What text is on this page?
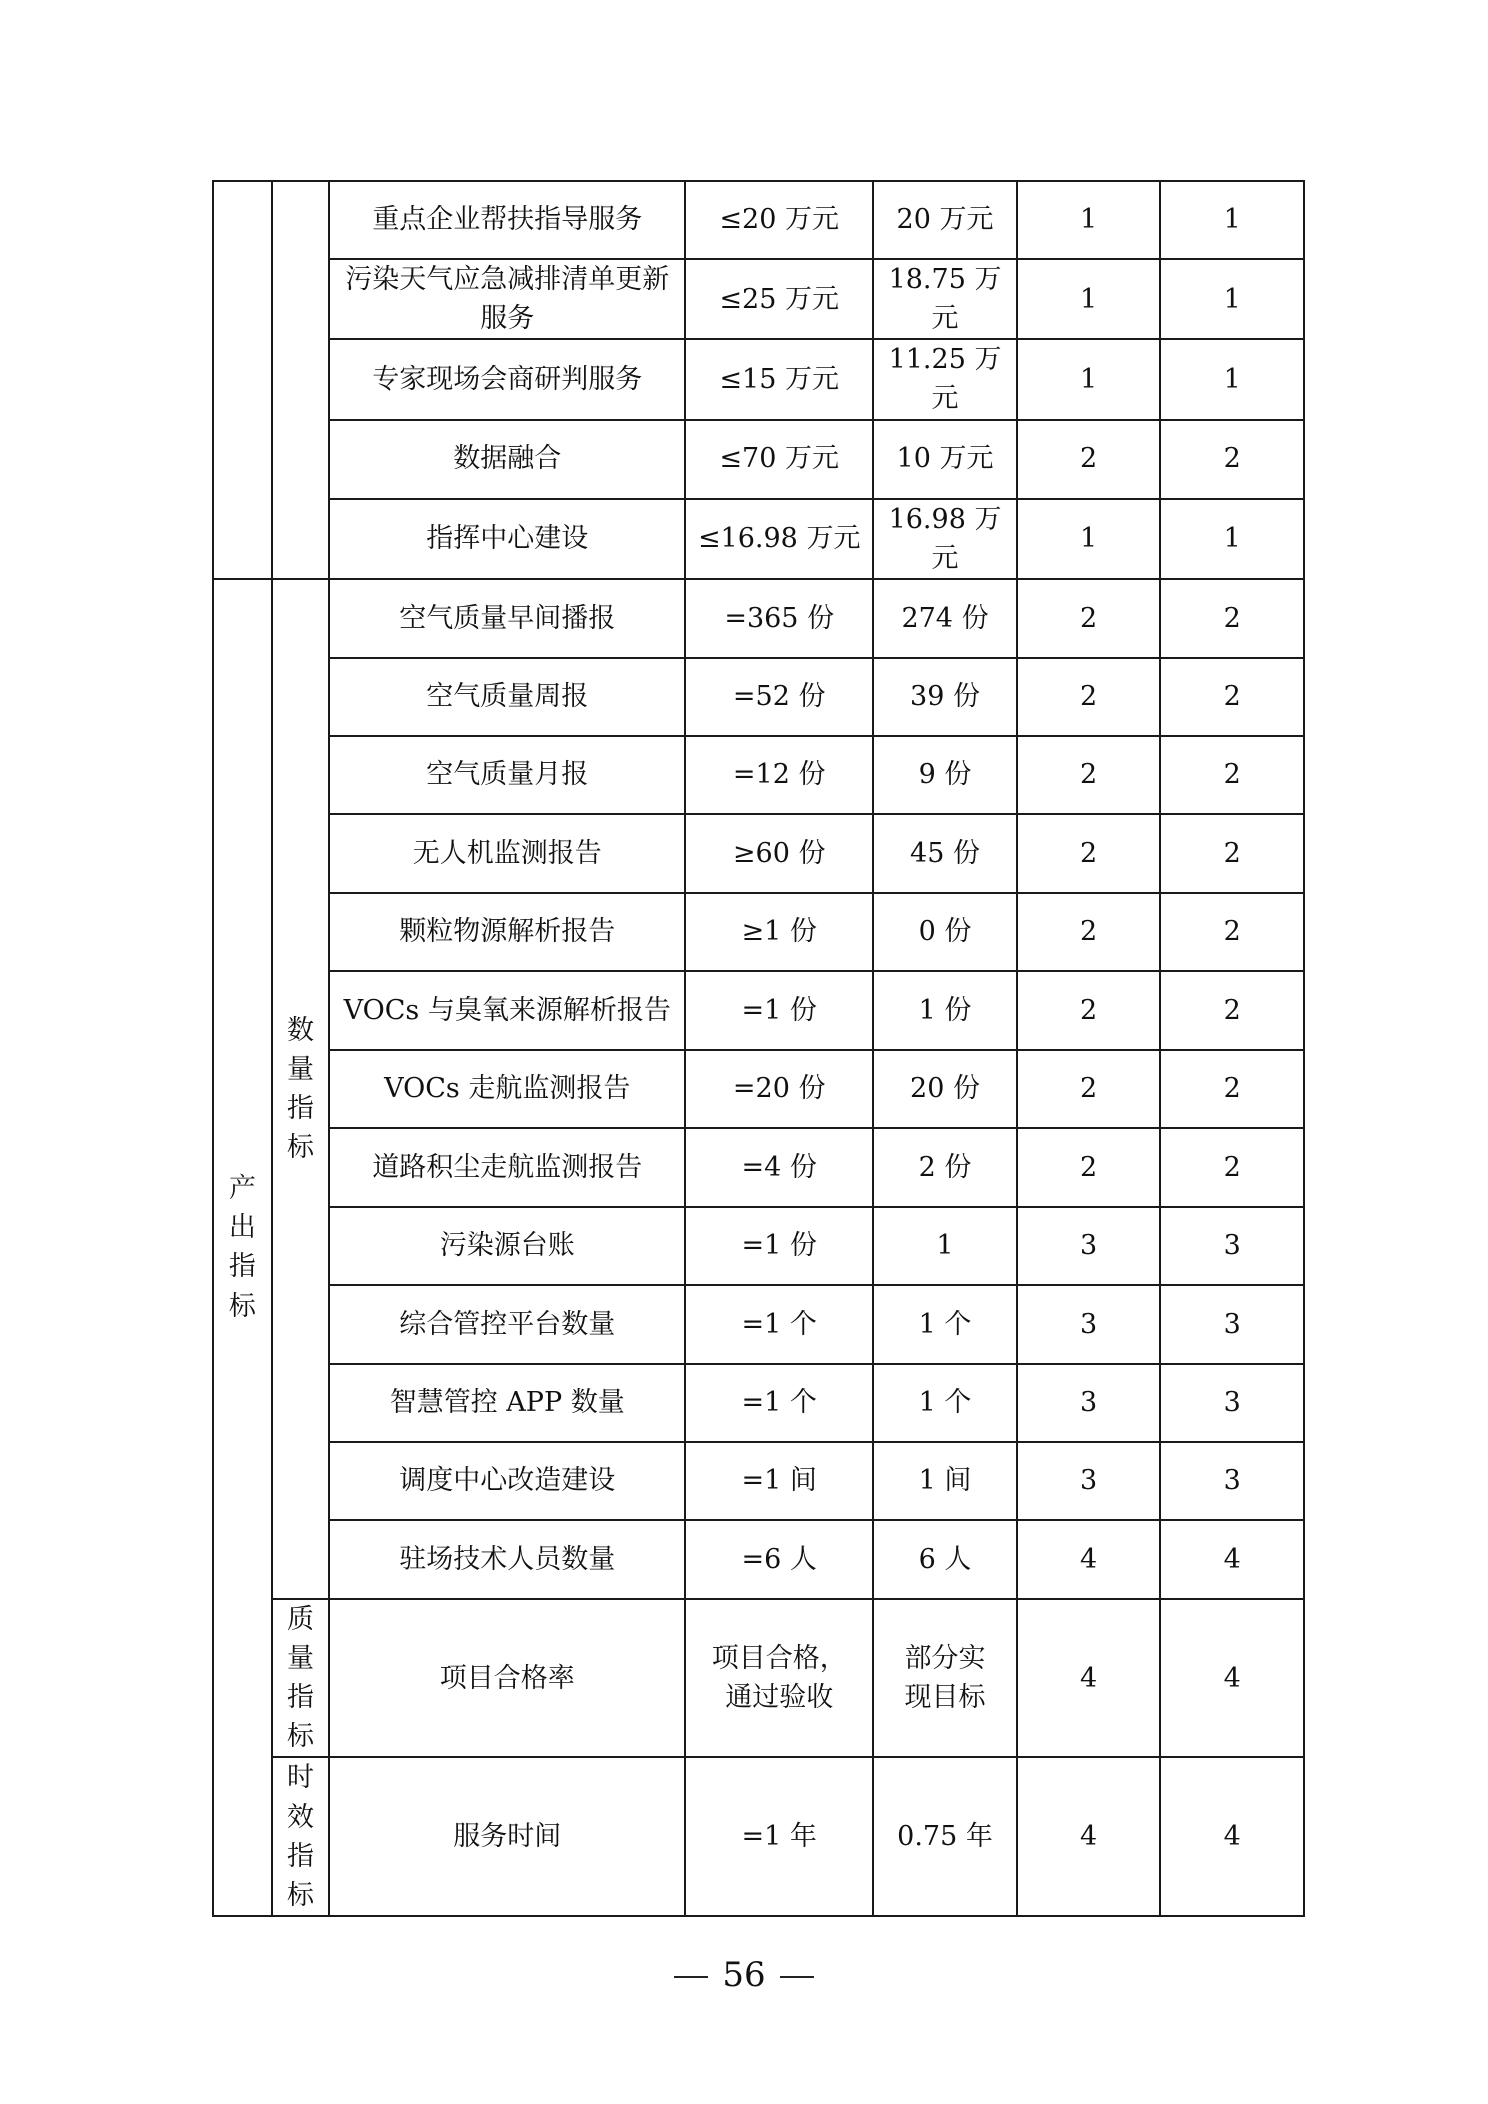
		重点企业帮扶指导服务	≤20 万元	20 万元	1	1
		污染天气应急减排清单更新服务	≤25 万元	18.75 万元	1	1
		专家现场会商研判服务	≤15 万元	11.25 万元	1	1
		数据融合	≤70 万元	10 万元	2	2
		指挥中心建设	≤16.98 万元	16.98 万元	1	1
产出指标	数量指标	空气质量早间播报	=365 份	274 份	2	2
		空气质量周报	=52 份	39 份	2	2
		空气质量月报	=12 份	9 份	2	2
		无人机监测报告	≥60 份	45 份	2	2
		颗粒物源解析报告	≥1 份	0 份	2	2
		VOCs 与臭氧来源解析报告	=1 份	1 份	2	2
		VOCs 走航监测报告	=20 份	20 份	2	2
		道路积尘走航监测报告	=4 份	2 份	2	2
		污染源台账	=1 份	1	3	3
		综合管控平台数量	=1 个	1 个	3	3
		智慧管控 APP 数量	=1 个	1 个	3	3
		调度中心改造建设	=1 间	1 间	3	3
		驻场技术人员数量	=6 人	6 人	4	4
	质量指标	项目合格率	项目合格，通过验收	部分实现目标	4	4
	时效指标	服务时间	=1 年	0.75 年	4	4
56
